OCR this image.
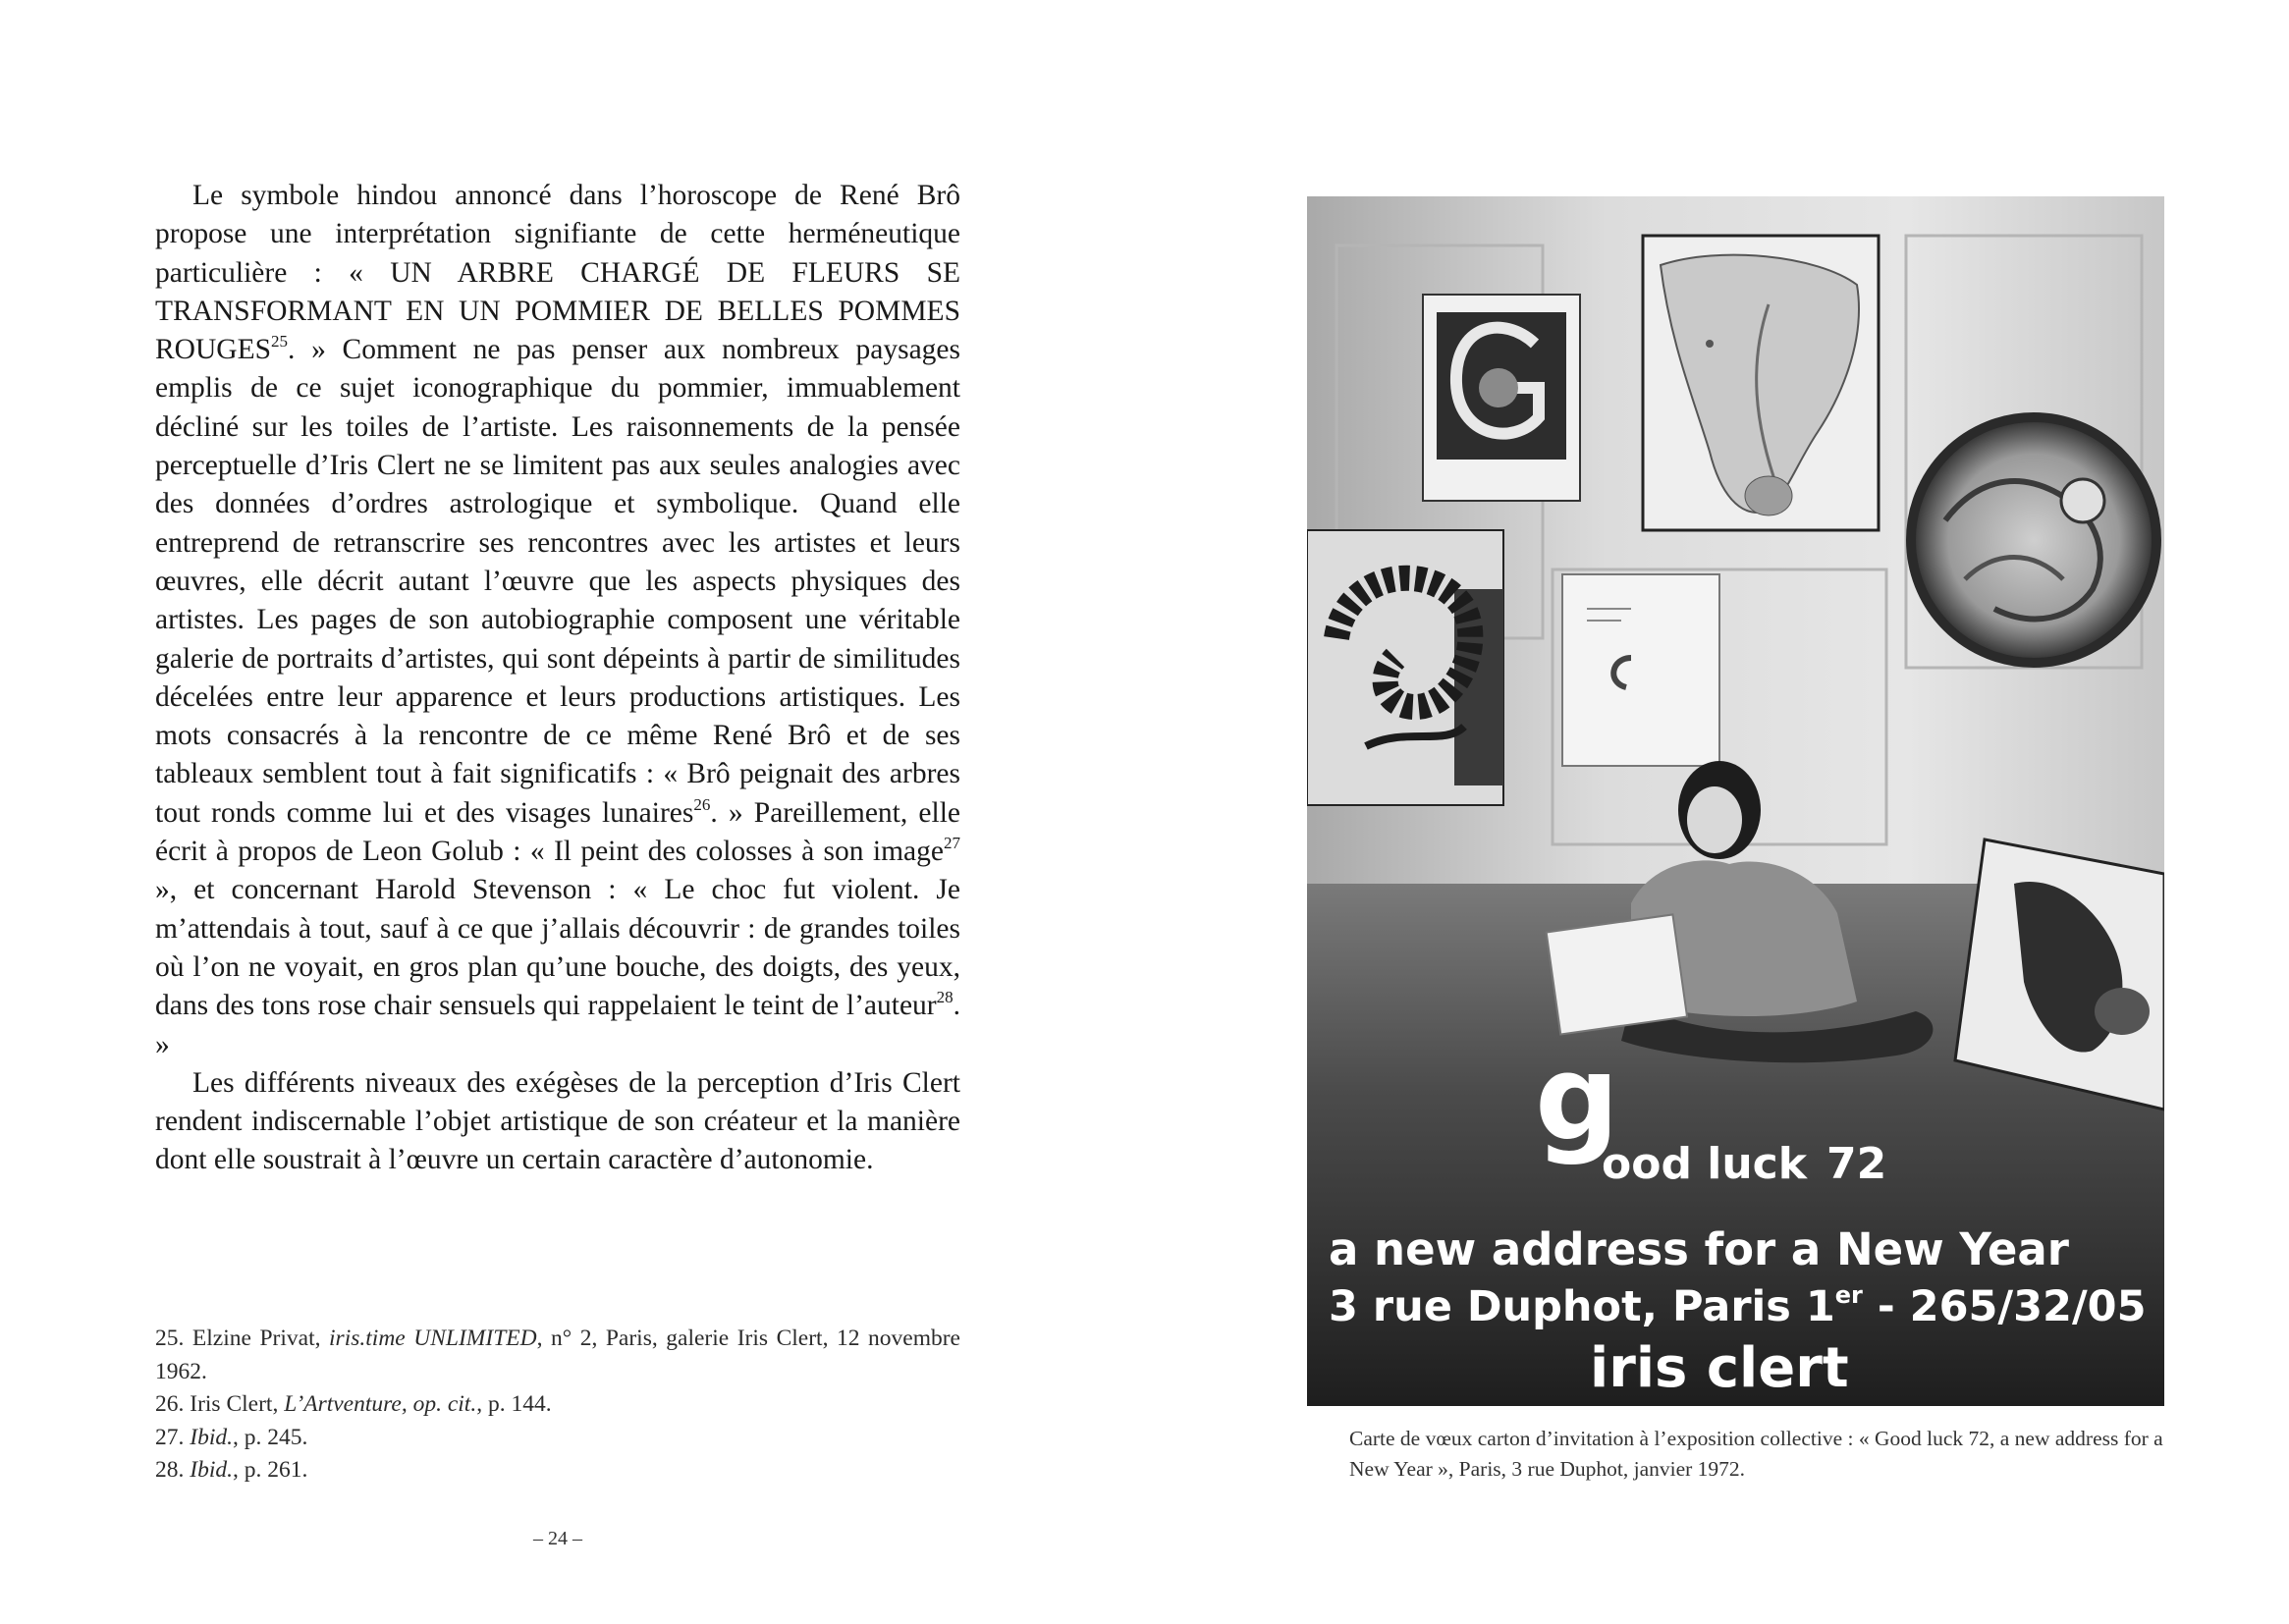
Le symbole hindou annoncé dans l’horoscope de René Brô propose une interprétation signifiante de cette herméneutique particulière : « UN ARBRE CHARGÉ DE FLEURS SE TRANSFORMANT EN UN POMMIER DE BELLES POMMES ROUGES$^{25}$. » Comment ne pas penser aux nombreux paysages emplis de ce sujet iconographique du pommier, immuablement décliné sur les toiles de l’artiste. Les raisonnements de la pensée perceptuelle d’Iris Clert ne se limitent pas aux seules analogies avec des données d’ordres astrologique et symbolique. Quand elle entreprend de retranscrire ses rencontres avec les artistes et leurs œuvres, elle décrit autant l’œuvre que les aspects physiques des artistes. Les pages de son autobiographie composent une véritable galerie de portraits d’artistes, qui sont dépeints à partir de similitudes décelées entre leur apparence et leurs productions artistiques. Les mots consacrés à la rencontre de ce même René Brô et de ses tableaux semblent tout à fait significatifs : « Brô peignait des arbres tout ronds comme lui et des visages lunaires$^{26}$. » Pareillement, elle écrit à propos de Leon Golub : « Il peint des colosses à son image$^{27}$ », et concernant Harold Stevenson : « Le choc fut violent. Je m’attendais à tout, sauf à ce que j’allais découvrir : de grandes toiles où l’on ne voyait, en gros plan qu’une bouche, des doigts, des yeux, dans des tons rose chair sensuels qui rappelaient le teint de l’auteur$^{28}$. »

Les différents niveaux des exégèses de la perception d’Iris Clert rendent indiscernable l’objet artistique de son créateur et la manière dont elle soustrait à l’œuvre un certain caractère d’autonomie.

25. Elzine Privat, iris.time UNLIMITED, n° 2, Paris, galerie Iris Clert, 12 novembre 1962.

26. Iris Clert, L’Artventure, op. cit., p. 144.

27. Ibid., p. 245.

28. Ibid., p. 261.

– 24 –
g
ood luck 72
a new address for a New Year
3 rue Duphot, Paris 1er - 265/32/05
iris clert
Carte de vœux carton d’invitation à l’exposition collective : « Good luck 72, a new address for a New Year », Paris, 3 rue Duphot, janvier 1972.
